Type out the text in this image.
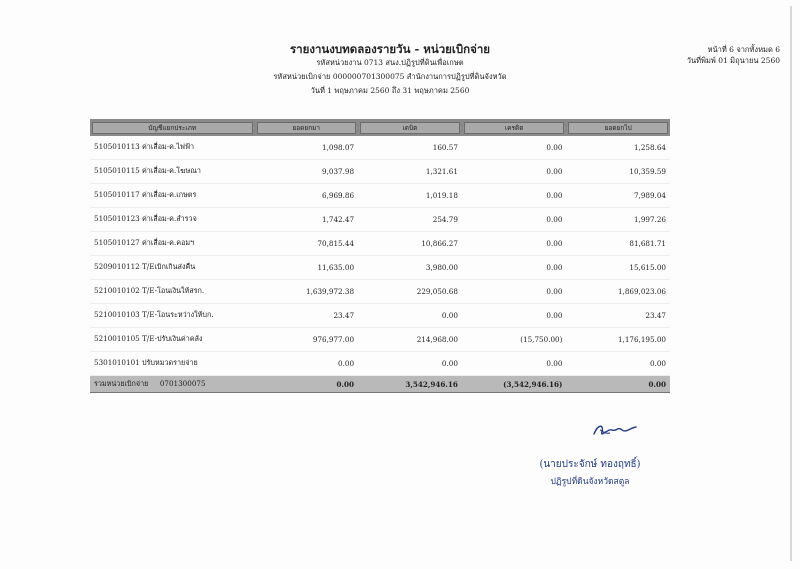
รายงานงบทดลองรายวัน - หน่วยเบิกจ่าย
รหัสหน่วยงาน 0713 สนง.ปฏิรูปที่ดินเพื่อเกษต
รหัสหน่วยเบิกจ่าย 000000701300075 สำนักงานการปฏิรูปที่ดินจังหวัด
วันที่ 1 พฤษภาคม 2560 ถึง 31 พฤษภาคม 2560
หน้าที่ 6 จากทั้งหมด 6
วันที่พิมพ์ 01 มิถุนายน 2560
บัญชีแยกประเภท	ยอดยกมา	เดบิต	เครดิต	ยอดยกไป

5105010113 ค่าเสื่อม-ค.ไฟฟ้า	1,098.07	160.57	0.00	1,258.64
5105010115 ค่าเสื่อม-ค.โฆษณา	9,037.98	1,321.61	0.00	10,359.59
5105010117 ค่าเสื่อม-ค.เกษตร	6,969.86	1,019.18	0.00	7,989.04
5105010123 ค่าเสื่อม-ค.สำรวจ	1,742.47	254.79	0.00	1,997.26
5105010127 ค่าเสื่อม-ค.คอมฯ	70,815.44	10,866.27	0.00	81,681.71
5209010112 T/Eเบิกเกินส่งคืน	11,635.00	3,980.00	0.00	15,615.00
5210010102 T/E-โอนเงินให้สรก.	1,639,972.38	229,050.68	0.00	1,869,023.06
5210010103 T/E-โอนระหว่างให้บก.	23.47	0.00	0.00	23.47
5210010105 T/E-ปรับเงินค่าคลัง	976,977.00	214,968.00	(15,750.00)	1,176,195.00
5301010101 ปรับหมวดรายจ่าย	0.00	0.00	0.00	0.00
รวมหน่วยเบิกจ่าย 0701300075	0.00	3,542,946.16	(3,542,946.16)	0.00
(นายประจักษ์ ทองฤทธิ์)
ปฏิรูปที่ดินจังหวัดสตูล
